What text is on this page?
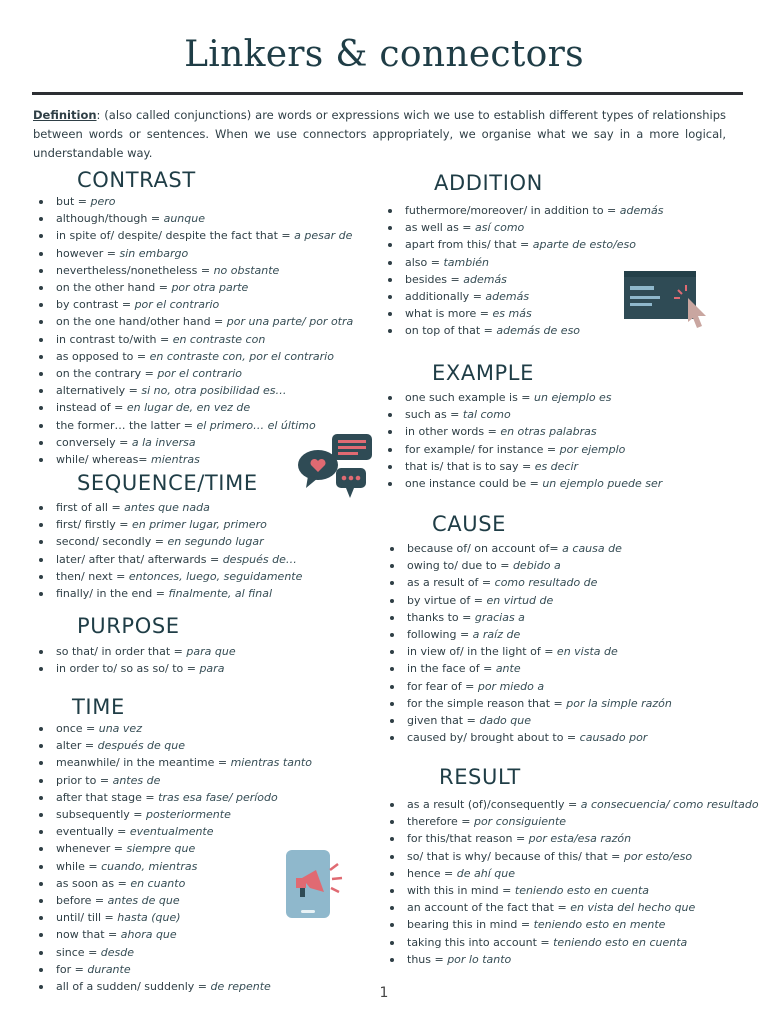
Linkers & connectors
Definition: (also called conjunctions) are words or expressions wich we use to establish different types of relationships between words or sentences. When we use connectors appropriately, we organise what we say in a more logical, understandable way.
CONTRAST
but = pero
although/though = aunque
in spite of/ despite/ despite the fact that = a pesar de
however = sin embargo
nevertheless/nonetheless = no obstante
on the other hand = por otra parte
by contrast = por el contrario
on the one hand/other hand = por una parte/ por otra
in contrast to/with = en contraste con
as opposed to = en contraste con, por el contrario
on the contrary = por el contrario
alternatively = si no, otra posibilidad es…
instead of = en lugar de, en vez de
the former… the latter = el primero… el último
conversely = a la inversa
while/ whereas= mientras
SEQUENCE/TIME
first of all = antes que nada
first/ firstly = en primer lugar, primero
second/ secondly = en segundo lugar
later/ after that/ afterwards = después de…
then/ next = entonces, luego, seguidamente
finally/ in the end = finalmente, al final
PURPOSE
so that/ in order that = para que
in order to/ so as so/ to = para
TIME
once = una vez
alter = después de que
meanwhile/ in the meantime = mientras tanto
prior to = antes de
after that stage = tras esa fase/ período
subsequently = posteriormente
eventually = eventualmente
whenever = siempre que
while = cuando, mientras
as soon as = en cuanto
before = antes de que
until/ till = hasta (que)
now that = ahora que
since = desde
for = durante
all of a sudden/ suddenly = de repente
ADDITION
futhermore/moreover/ in addition to = además
as well as = así como
apart from this/ that = aparte de esto/eso
also = también
besides = además
additionally = además
what is more = es más
on top of that = además de eso
EXAMPLE
one such example is = un ejemplo es
such as = tal como
in other words = en otras palabras
for example/ for instance = por ejemplo
that is/ that is to say = es decir
one instance could be = un ejemplo puede ser
CAUSE
because of/ on account of= a causa de
owing to/ due to = debido a
as a result of = como resultado de
by virtue of = en virtud de
thanks to = gracias a
following = a raíz de
in view of/ in the light of = en vista de
in the face of = ante
for fear of = por miedo a
for the simple reason that = por la simple razón
given that = dado que
caused by/ brought about to = causado por
RESULT
as a result (of)/consequently = a consecuencia/ como resultado
therefore = por consiguiente
for this/that reason = por esta/esa razón
so/ that is why/ because of this/ that = por esto/eso
hence = de ahí que
with this in mind = teniendo esto en cuenta
an account of the fact that = en vista del hecho que
bearing this in mind = teniendo esto en mente
taking this into account = teniendo esto en cuenta
thus = por lo tanto
1
